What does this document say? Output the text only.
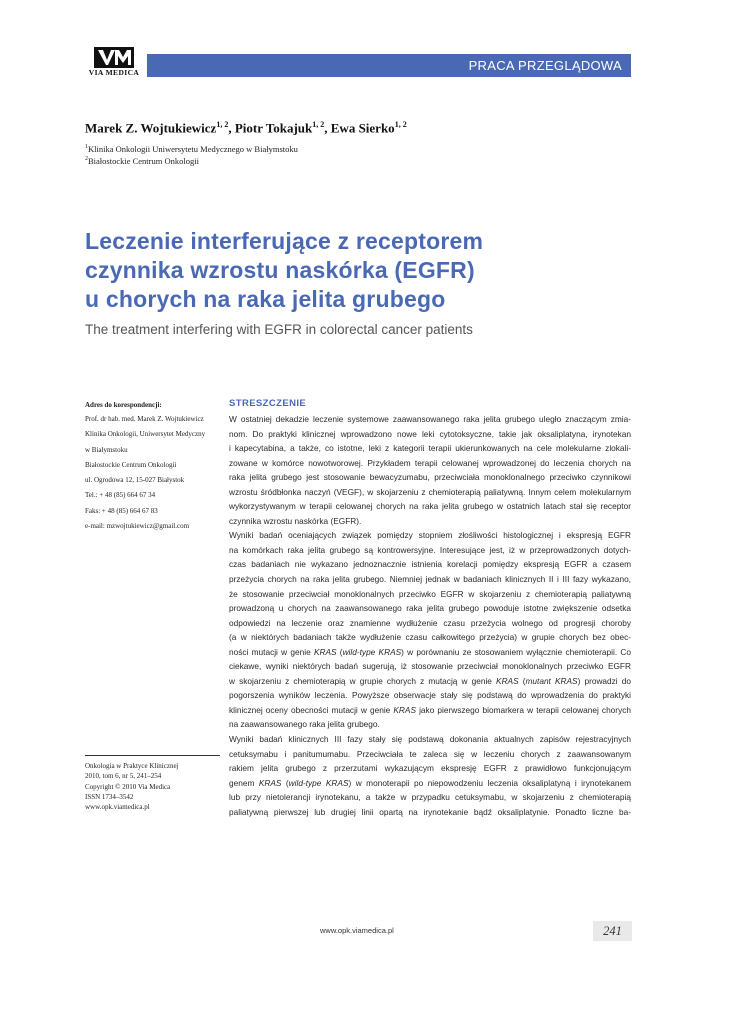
VIA MEDICA	PRACA PRZEGLĄDOWA
Marek Z. Wojtukiewicz$^{1, 2}$, Piotr Tokajuk$^{1, 2}$, Ewa Sierko$^{1, 2}$
$^1$Klinika Onkologii Uniwersytetu Medycznego w Białymstoku
$^2$Białostockie Centrum Onkologii
Leczenie interferujące z receptorem
czynnika wzrostu naskórka (EGFR)
u chorych na raka jelita grubego
The treatment interfering with EGFR in colorectal cancer patients
Adres do korespondencji:
Prof. dr hab. med. Marek Z. Wojtukiewicz
Klinika Onkologii, Uniwersytet Medyczny
w Białymstoku
Białostockie Centrum Onkologii
ul. Ogrodowa 12, 15-027 Białystok
Tel.: + 48 (85) 664 67 34
Faks: + 48 (85) 664 67 83
e-mail: mzwojtukiewicz@gmail.com
Onkologia w Praktyce Klinicznej
2010, tom 6, nr 5, 241–254
Copyright © 2010 Via Medica
ISSN 1734–3542
www.opk.viamedica.pl
STRESZCZENIE
W ostatniej dekadzie leczenie systemowe zaawansowanego raka jelita grubego uległo znaczącym zmia-
nom. Do praktyki klinicznej wprowadzono nowe leki cytotoksyczne, takie jak oksaliplatyna, irynotekan
i kapecytabina, a także, co istotne, leki z kategorii terapii ukierunkowanych na cele molekularne zlokali-
zowane w komórce nowotworowej. Przykładem terapii celowanej wprowadzonej do leczenia chorych na
raka jelita grubego jest stosowanie bewacyzumabu, przeciwciała monoklonalnego przeciwko czynnikowi
wzrostu śródbłonka naczyń (VEGF), w skojarzeniu z chemioterapią paliatywną. Innym celem molekularnym
wykorzystywanym w terapii celowanej chorych na raka jelita grubego w ostatnich latach stał się receptor
czynnika wzrostu naskórka (EGFR).
Wyniki badań oceniających związek pomiędzy stopniem złośliwości histologicznej i ekspresją EGFR
na komórkach raka jelita grubego są kontrowersyjne. Interesujące jest, iż w przeprowadzonych dotych-
czas badaniach nie wykazano jednoznacznie istnienia korelacji pomiędzy ekspresją EGFR a czasem
przeżycia chorych na raka jelita grubego. Niemniej jednak w badaniach klinicznych II i III fazy wykazano,
że stosowanie przeciwciał monoklonalnych przeciwko EGFR w skojarzeniu z chemioterapią paliatywną
prowadzoną u chorych na zaawansowanego raka jelita grubego powoduje istotne zwiększenie odsetka
odpowiedzi na leczenie oraz znamienne wydłużenie czasu przeżycia wolnego od progresji choroby
(a w niektórych badaniach także wydłużenie czasu całkowitego przeżycia) w grupie chorych bez obec-
ności mutacji w genie KRAS (wild-type KRAS) w porównaniu ze stosowaniem wyłącznie chemioterapii. Co
ciekawe, wyniki niektórych badań sugerują, iż stosowanie przeciwciał monoklonalnych przeciwko EGFR
w skojarzeniu z chemioterapią w grupie chorych z mutacją w genie KRAS (mutant KRAS) prowadzi do
pogorszenia wyników leczenia. Powyższe obserwacje stały się podstawą do wprowadzenia do praktyki
klinicznej oceny obecności mutacji w genie KRAS jako pierwszego biomarkera w terapii celowanej chorych
na zaawansowanego raka jelita grubego.
Wyniki badań klinicznych III fazy stały się podstawą dokonania aktualnych zapisów rejestracyjnych
cetuksymabu i panitumumabu. Przeciwciała te zaleca się w leczeniu chorych z zaawansowanym
rakiem jelita grubego z przerzutami wykazującym ekspresję EGFR z prawidłowo funkcjonującym
genem KRAS (wild-type KRAS) w monoterapii po niepowodzeniu leczenia oksaliplatyną i irynotekanem
lub przy nietolerancji irynotekanu, a także w przypadku cetuksymabu, w skojarzeniu z chemioterapią
paliatywną pierwszej lub drugiej linii opartą na irynotekanie bądź oksaliplatynie. Ponadto liczne ba-
www.opk.viamedica.pl	241
